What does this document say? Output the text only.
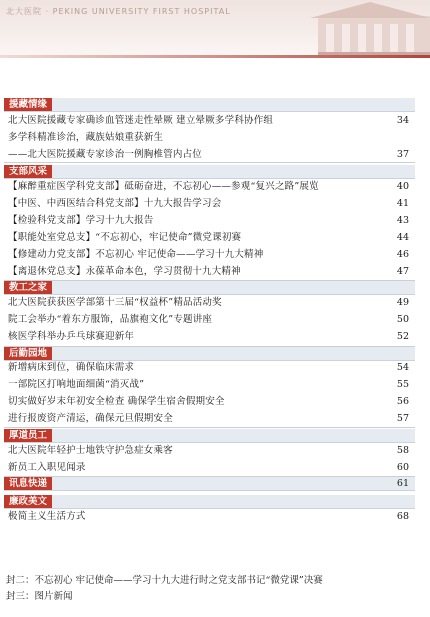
北大医院 · PEKING UNIVERSITY FIRST HOSPITAL
援藏情缘
北大医院援藏专家确诊血管迷走性晕厥 建立晕厥多学科协作组	34
多学科精准诊治，藏族姑娘重获新生
——北大医院援藏专家诊治一例胸椎管内占位	37
支部风采
【麻醉重症医学科党支部】砥砺奋进，不忘初心——参观“复兴之路”展览	40
【中医、中西医结合科党支部】十九大报告学习会	41
【检验科党支部】学习十九大报告	43
【职能处室党总支】“不忘初心，牢记使命”微党课初赛	44
【修建动力党支部】不忘初心 牢记使命——学习十九大精神	46
【离退休党总支】永葆革命本色，学习贯彻十九大精神	47
教工之家
北大医院获获医学部第十三届“权益杯”精品活动奖	49
院工会举办“着东方服饰，品旗袍文化”专题讲座	50
核医学科举办乒乓球赛迎新年	52
后勤园地
新增病床到位，确保临床需求	54
一部院区打响地面细菌“消灭战”	55
切实做好岁末年初安全检查 确保学生宿舍假期安全	56
进行报废资产清运，确保元旦假期安全	57
厚道员工
北大医院年轻护士地铁守护急症女乘客	58
新员工入职见闻录	60
讯息快递	61
廉政美文
极简主义生活方式	68
封二：不忘初心 牢记使命——学习十九大进行时之党支部书记“微党课”决赛
封三：图片新闻
